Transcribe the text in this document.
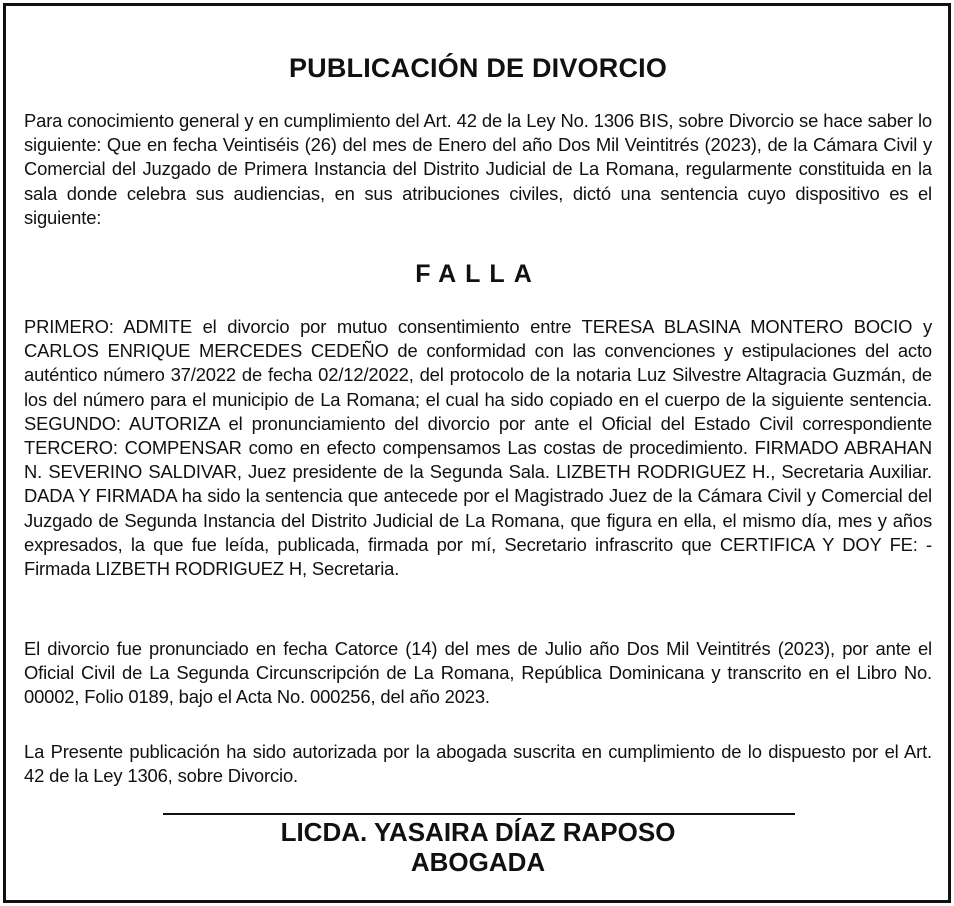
PUBLICACIÓN DE DIVORCIO

Para conocimiento general y en cumplimiento del Art. 42 de la Ley No. 1306 BIS, sobre Divorcio se hace saber lo siguiente: Que en fecha Veintiséis (26) del mes de Enero del año Dos Mil Veintitrés (2023), de la Cámara Civil y Comercial del Juzgado de Primera Instancia del Distrito Judicial de La Romana, regularmente constituida en la sala donde celebra sus audiencias, en sus atribuciones civiles, dictó una sentencia cuyo dispositivo es el siguiente:

FALLA

PRIMERO: ADMITE el divorcio por mutuo consentimiento entre TERESA BLASINA MONTERO BOCIO y CARLOS ENRIQUE MERCEDES CEDEÑO de conformidad con las convenciones y estipulaciones del acto auténtico número 37/2022 de fecha 02/12/2022, del protocolo de la notaria Luz Silvestre Altagracia Guzmán, de los del número para el municipio de La Romana; el cual ha sido copiado en el cuerpo de la siguiente sentencia. SEGUNDO: AUTORIZA el pronunciamiento del divorcio por ante el Oficial del Estado Civil correspondiente TERCERO: COMPENSAR como en efecto compensamos Las costas de procedimiento. FIRMADO ABRAHAN N. SEVERINO SALDIVAR, Juez presidente de la Segunda Sala. LIZBETH RODRIGUEZ H., Secretaria Auxiliar. DADA Y FIRMADA ha sido la sentencia que antecede por el Magistrado Juez de la Cámara Civil y Comercial del Juzgado de Segunda Instancia del Distrito Judicial de La Romana, que figura en ella, el mismo día, mes y años expresados, la que fue leída, publicada, firmada por mí, Secretario infrascrito que CERTIFICA Y DOY FE: - Firmada LIZBETH RODRIGUEZ H, Secretaria.

El divorcio fue pronunciado en fecha Catorce (14) del mes de Julio año Dos Mil Veintitrés (2023), por ante el Oficial Civil de La Segunda Circunscripción de La Romana, República Dominicana y transcrito en el Libro No. 00002, Folio 0189, bajo el Acta No. 000256, del año 2023.

La Presente publicación ha sido autorizada por la abogada suscrita en cumplimiento de lo dispuesto por el Art. 42 de la Ley 1306, sobre Divorcio.

LICDA. YASAIRA DÍAZ RAPOSO

ABOGADA
